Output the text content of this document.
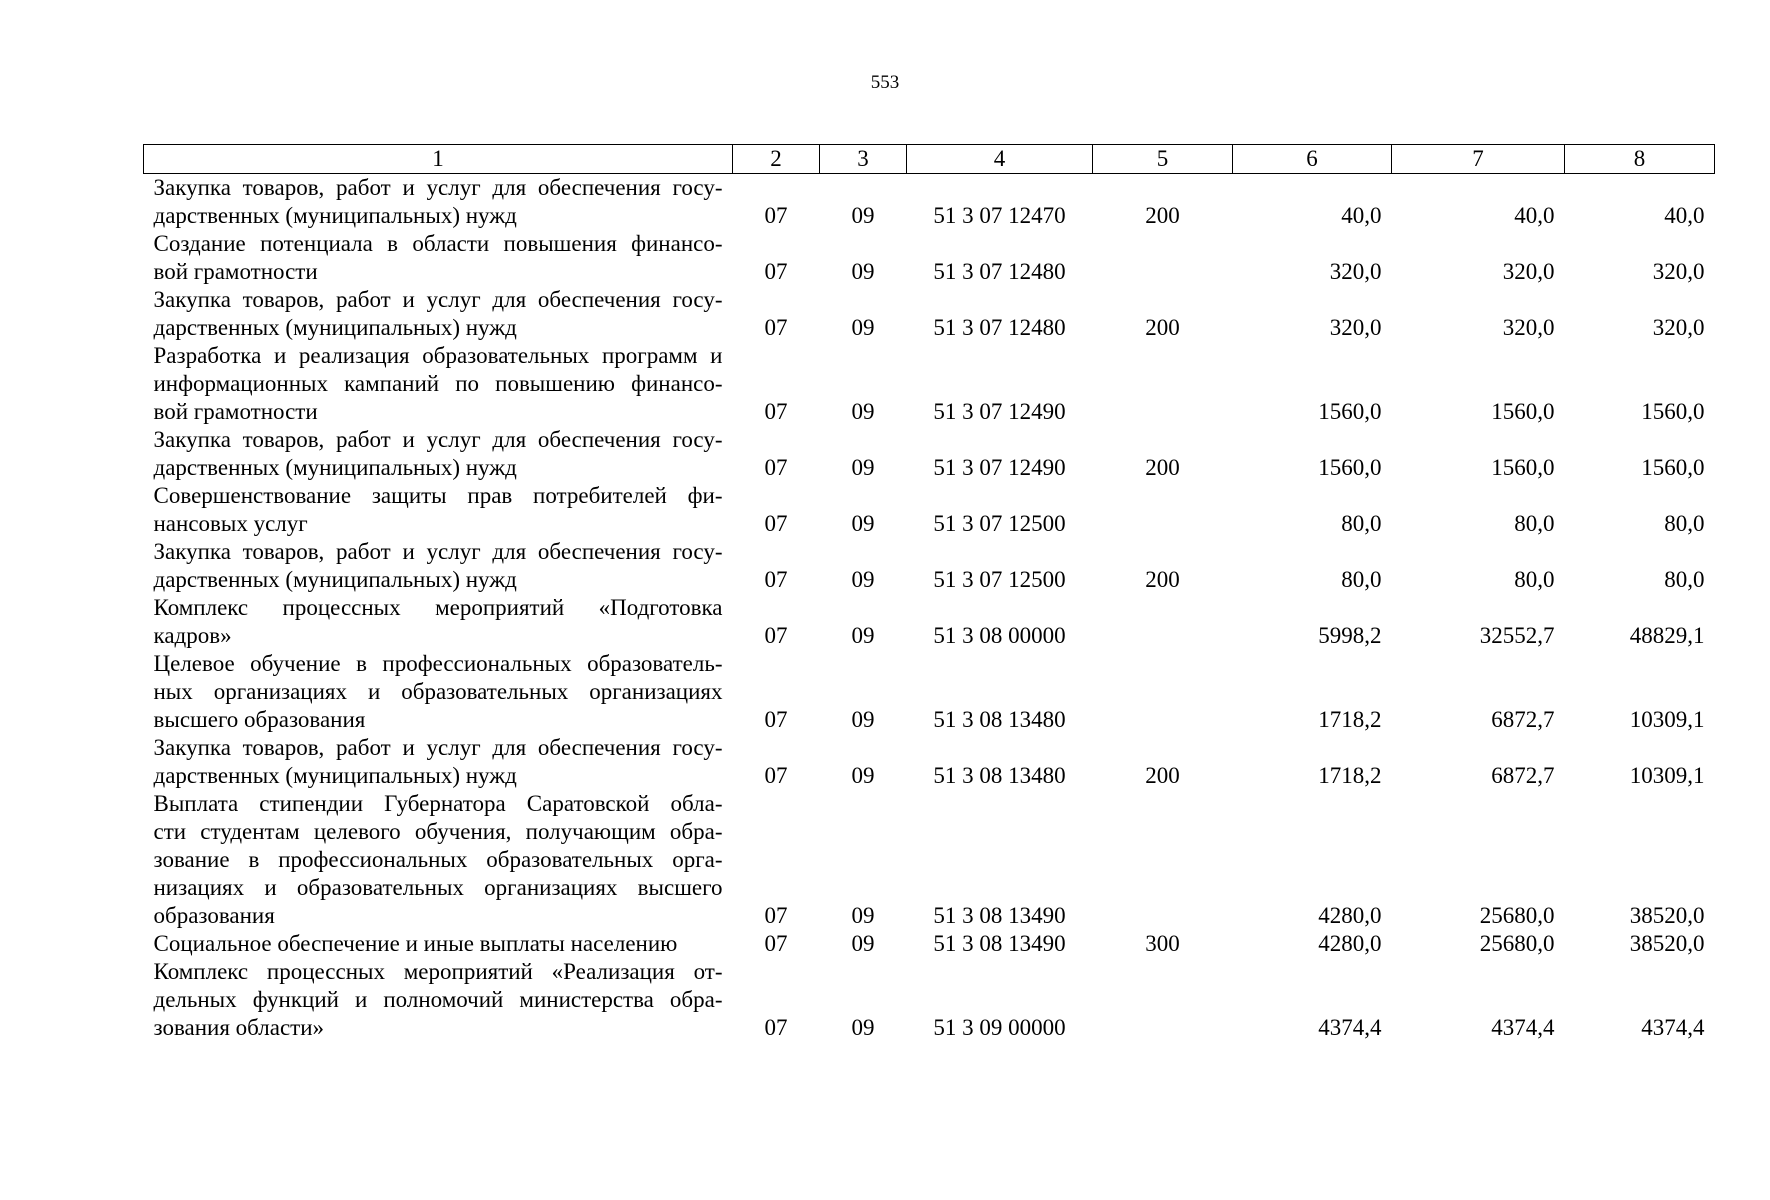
553
1	2	3	4	5	6	7	8

Закупка товаров, работ и услуг для обеспечения госу-
дарственных (муниципальных) нужд	07	09	51 3 07 12470	200	40,0	40,0	40,0

Создание потенциала в области повышения финансо-
вой грамотности	07	09	51 3 07 12480		320,0	320,0	320,0

Закупка товаров, работ и услуг для обеспечения госу-
дарственных (муниципальных) нужд	07	09	51 3 07 12480	200	320,0	320,0	320,0

Разработка и реализация образовательных программ и
информационных кампаний по повышению финансо-
вой грамотности	07	09	51 3 07 12490		1560,0	1560,0	1560,0

Закупка товаров, работ и услуг для обеспечения госу-
дарственных (муниципальных) нужд	07	09	51 3 07 12490	200	1560,0	1560,0	1560,0

Совершенствование защиты прав потребителей фи-
нансовых услуг	07	09	51 3 07 12500		80,0	80,0	80,0

Закупка товаров, работ и услуг для обеспечения госу-
дарственных (муниципальных) нужд	07	09	51 3 07 12500	200	80,0	80,0	80,0

Комплекс процессных мероприятий «Подготовка
кадров»	07	09	51 3 08 00000		5998,2	32552,7	48829,1

Целевое обучение в профессиональных образователь-
ных организациях и образовательных организациях
высшего образования	07	09	51 3 08 13480		1718,2	6872,7	10309,1

Закупка товаров, работ и услуг для обеспечения госу-
дарственных (муниципальных) нужд	07	09	51 3 08 13480	200	1718,2	6872,7	10309,1

Выплата стипендии Губернатора Саратовской обла-
сти студентам целевого обучения, получающим обра-
зование в профессиональных образовательных орга-
низациях и образовательных организациях высшего
образования	07	09	51 3 08 13490		4280,0	25680,0	38520,0

Социальное обеспечение и иные выплаты населению	07	09	51 3 08 13490	300	4280,0	25680,0	38520,0

Комплекс процессных мероприятий «Реализация от-
дельных функций и полномочий министерства обра-
зования области»	07	09	51 3 09 00000		4374,4	4374,4	4374,4
